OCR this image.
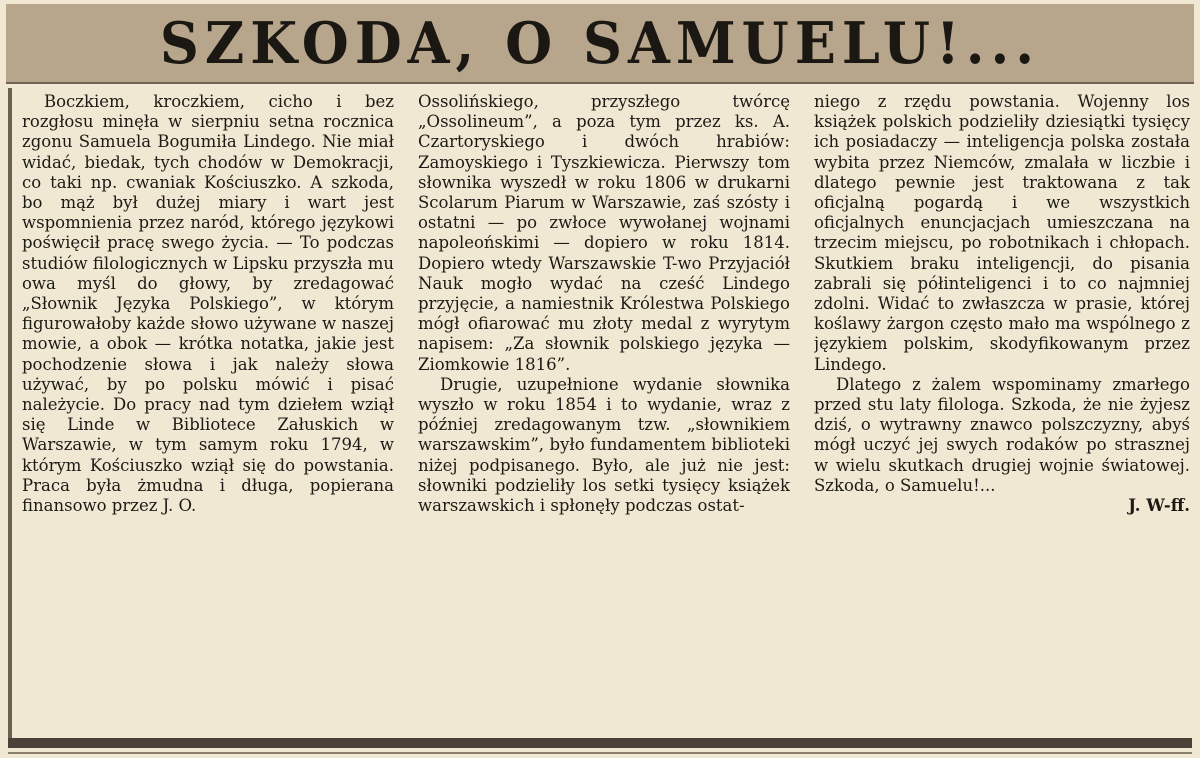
SZKODA, O SAMUELU!...

Boczkiem, kroczkiem, cicho i bez rozgłosu minęła w sierpniu setna rocznica zgonu Samuela Bogumiła Lindego. Nie miał widać, biedak, tych chodów w Demokracji, co taki np. cwaniak Kościuszko. A szkoda, bo mąż był dużej miary i wart jest wspomnienia przez naród, którego językowi poświęcił pracę swego życia. — To podczas studiów filologicznych w Lipsku przyszła mu owa myśl do głowy, by zredagować „Słownik Języka Polskiego”, w którym figurowałoby każde słowo używane w naszej mowie, a obok — krótka notatka, jakie jest pochodzenie słowa i jak należy słowa używać, by po polsku mówić i pisać należycie. Do pracy nad tym dziełem wziął się Linde w Bibliotece Załuskich w Warszawie, w tym samym roku 1794, w którym Kościuszko wziął się do powstania. Praca była żmudna i długa, popierana finansowo przez J. O.

Ossolińskiego, przyszłego twórcę „Ossolineum”, a poza tym przez ks. A. Czartoryskiego i dwóch hrabiów: Zamoyskiego i Tyszkiewicza. Pierwszy tom słownika wyszedł w roku 1806 w drukarni Scolarum Piarum w Warszawie, zaś szósty i ostatni — po zwłoce wywołanej wojnami napoleońskimi — dopiero w roku 1814. Dopiero wtedy Warszawskie T-wo Przyjaciół Nauk mogło wydać na cześć Lindego przyjęcie, a namiestnik Królestwa Polskiego mógł ofiarować mu złoty medal z wyrytym napisem: „Za słownik polskiego języka — Ziomkowie 1816”.

Drugie, uzupełnione wydanie słownika wyszło w roku 1854 i to wydanie, wraz z później zredagowanym tzw. „słownikiem warszawskim”, było fundamentem biblioteki niżej podpisanego. Było, ale już nie jest: słowniki podzieliły los setki tysięcy książek warszawskich i spłonęły podczas ostat-

niego z rzędu powstania. Wojenny los książek polskich podzieliły dziesiątki tysięcy ich posiadaczy — inteligencja polska została wybita przez Niemców, zmalała w liczbie i dlatego pewnie jest traktowana z tak oficjalną pogardą i we wszystkich oficjalnych enuncjacjach umieszczana na trzecim miejscu, po robotnikach i chłopach. Skutkiem braku inteligencji, do pisania zabrali się półinteligenci i to co najmniej zdolni. Widać to zwłaszcza w prasie, której koślawy żargon często mało ma wspólnego z językiem polskim, skodyfikowanym przez Lindego.

Dlatego z żalem wspominamy zmarłego przed stu laty filologa. Szkoda, że nie żyjesz dziś, o wytrawny znawco polszczyzny, abyś mógł uczyć jej swych rodaków po strasznej w wielu skutkach drugiej wojnie światowej. Szkoda, o Samuelu!...

J. W-ff.
